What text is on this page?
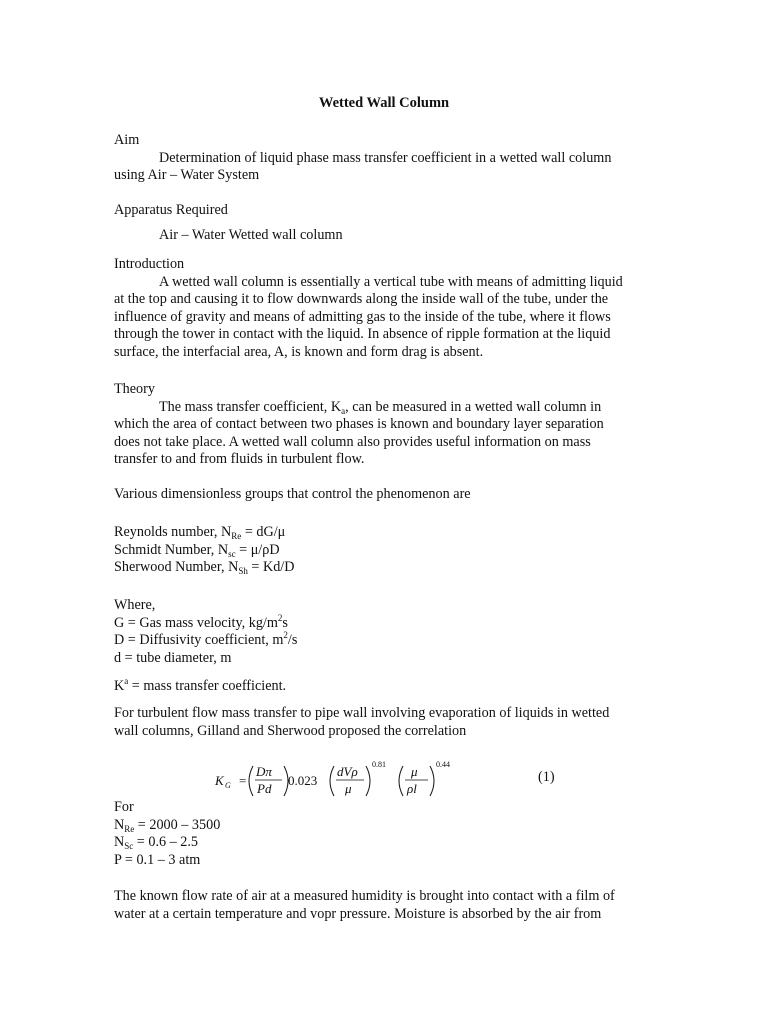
Wetted Wall Column

Aim

Determination of liquid phase mass transfer coefficient in a wetted wall column

using Air – Water System

Apparatus Required

Air – Water Wetted wall column

Introduction

A wetted wall column is essentially a vertical tube with means of admitting liquid

at the top and causing it to flow downwards along the inside wall of the tube, under the

influence of gravity and means of admitting gas to the inside of the tube, where it flows

through the tower in contact with the liquid. In absence of ripple formation at the liquid

surface, the interfacial area, A, is known and form drag is absent.

Theory

The mass transfer coefficient, $K_a$, can be measured in a wetted wall column in

which the area of contact between two phases is known and boundary layer separation

does not take place. A wetted wall column also provides useful information on mass

transfer to and from fluids in turbulent flow.

Various dimensionless groups that control the phenomenon are

Reynolds number, $N_{Re} = dG/\mu$

Schmidt Number, $N_{sc} = \mu/\rho D$

Sherwood Number, $N_{Sh} = Kd/D$

Where,

G = Gas mass velocity, $kg/m^2s$

D = Diffusivity coefficient, $m^2/s$

d = tube diameter, m

$K^a$ = mass transfer coefficient.

For turbulent flow mass transfer to pipe wall involving evaporation of liquids in wetted

wall columns, Gilland and Sherwood proposed the correlation

K G =
Dπ
Pd
0.023
dVρ
μ
0.81 μ
ρl
0.44
(1)

For

$N_{Re} = 2000 - 3500$

$N_{Sc} = 0.6 - 2.5$

P = 0.1 – 3 atm

The known flow rate of air at a measured humidity is brought into contact with a film of

water at a certain temperature and vopr pressure. Moisture is absorbed by the air from
